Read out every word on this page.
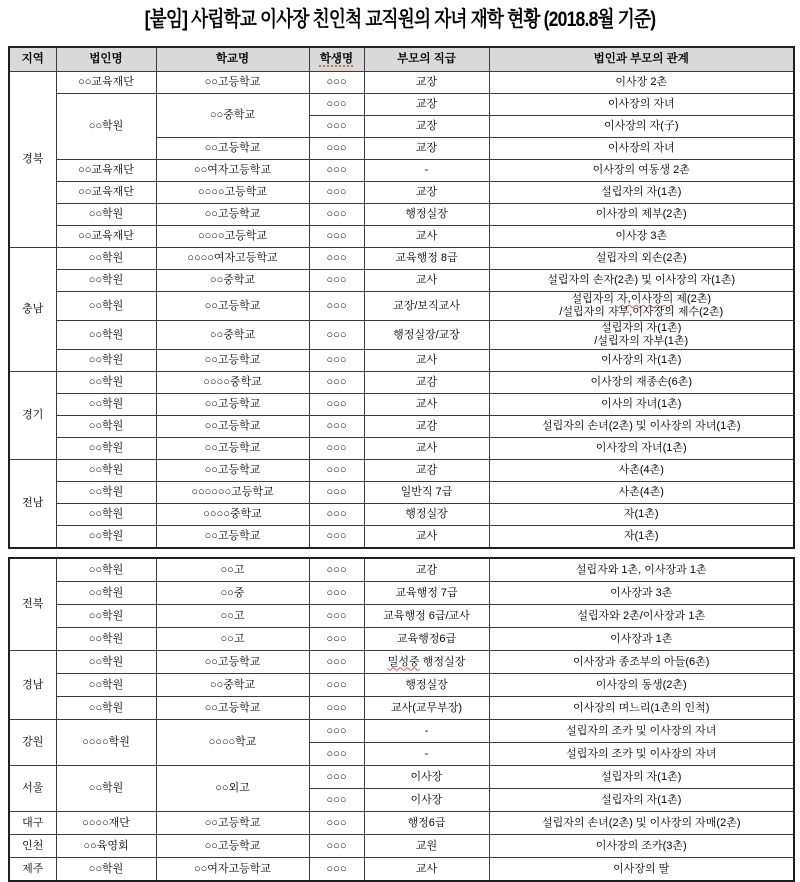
[붙임] 사립학교 이사장 친인척 교직원의 자녀 재학 현황 (2018.8월 기준)
지역	법인명	학교명	학생명	부모의 직급	법인과 부모의 관계
경북	○○교육재단	○○고등학교	○○○	교장	이사장 2촌
	○○학원	○○중학교	○○○	교장	이사장의 자녀
			○○○	교장	이사장의 자(子)
		○○고등학교	○○○	교장	이사장의 자녀
	○○교육재단	○○여자고등학교	○○○	-	이사장의 여동생 2촌
	○○교육재단	○○○○고등학교	○○○	교장	설립자의 자(1촌)
	○○학원	○○고등학교	○○○	행정실장	이사장의 제부(2촌)
	○○교육재단	○○○○고등학교	○○○	교사	이사장 3촌
충남	○○학원	○○○○여자고등학교	○○○	교육행정 8급	설립자의 외손(2촌)
	○○학원	○○중학교	○○○	교사	설립자의 손자(2촌) 및 이사장의 자(1촌)
	○○학원	○○고등학교	○○○	교장/보직교사	설립자의 자,이사장의 제(2촌)
/설립자의 자부,이사장의 제수(2촌)

	○○학원	○○중학교	○○○	행정실장/교장	설립자의 자(1촌)
/설립자의 자부(1촌)

	○○학원	○○고등학교	○○○	교사	이사장의 자(1촌)
경기	○○학원	○○○○중학교	○○○	교감	이사장의 재종손(6촌)
	○○학원	○○고등학교	○○○	교사	이사의 자녀(1촌)
	○○학원	○○고등학교	○○○	교감	설립자의 손녀(2촌) 및 이사장의 자녀(1촌)
	○○학원	○○고등학교	○○○	교사	이사장의 자녀(1촌)
전남	○○학원	○○고등학교	○○○	교감	사촌(4촌)
	○○학원	○○○○○○고등학교	○○○	일반직 7급	사촌(4촌)
	○○학원	○○○○중학교	○○○	행정실장	자(1촌)
	○○학원	○○고등학교	○○○	교사	자(1촌)
전북	○○학원	○○고	○○○	교감	설립자와 1촌, 이사장과 1촌
	○○학원	○○중	○○○	교육행정 7급	이사장과 3촌
	○○학원	○○고	○○○	교육행정 6급/교사	설립자와 2촌/이사장과 1촌
	○○학원	○○고	○○○	교육행정6급	이사장과 1촌
경남	○○학원	○○고등학교	○○○	밀성중 행정실장	이사장과 종조부의 아들(6촌)
	○○학원	○○중학교	○○○	행정실장	이사장의 동생(2촌)
	○○학원	○○고등학교	○○○	교사(교무부장)	이사장의 며느리(1촌의 인척)
강원	○○○○학원	○○○○학교	○○○	-	설립자의 조카 및 이사장의 자녀
			○○○	-	설립자의 조카 및 이사장의 자녀
서울	○○학원	○○외고	○○○	이사장	설립자의 자(1촌)
			○○○	이사장	설립자의 자(1촌)
대구	○○○○재단	○○고등학교	○○○	행정6급	설립자의 손녀(2촌) 및 이사장의 자매(2촌)
인천	○○육영회	○○고등학교	○○○	교원	이사장의 조카(3촌)
제주	○○학원	○○여자고등학교	○○○	교사	이사장의 딸
